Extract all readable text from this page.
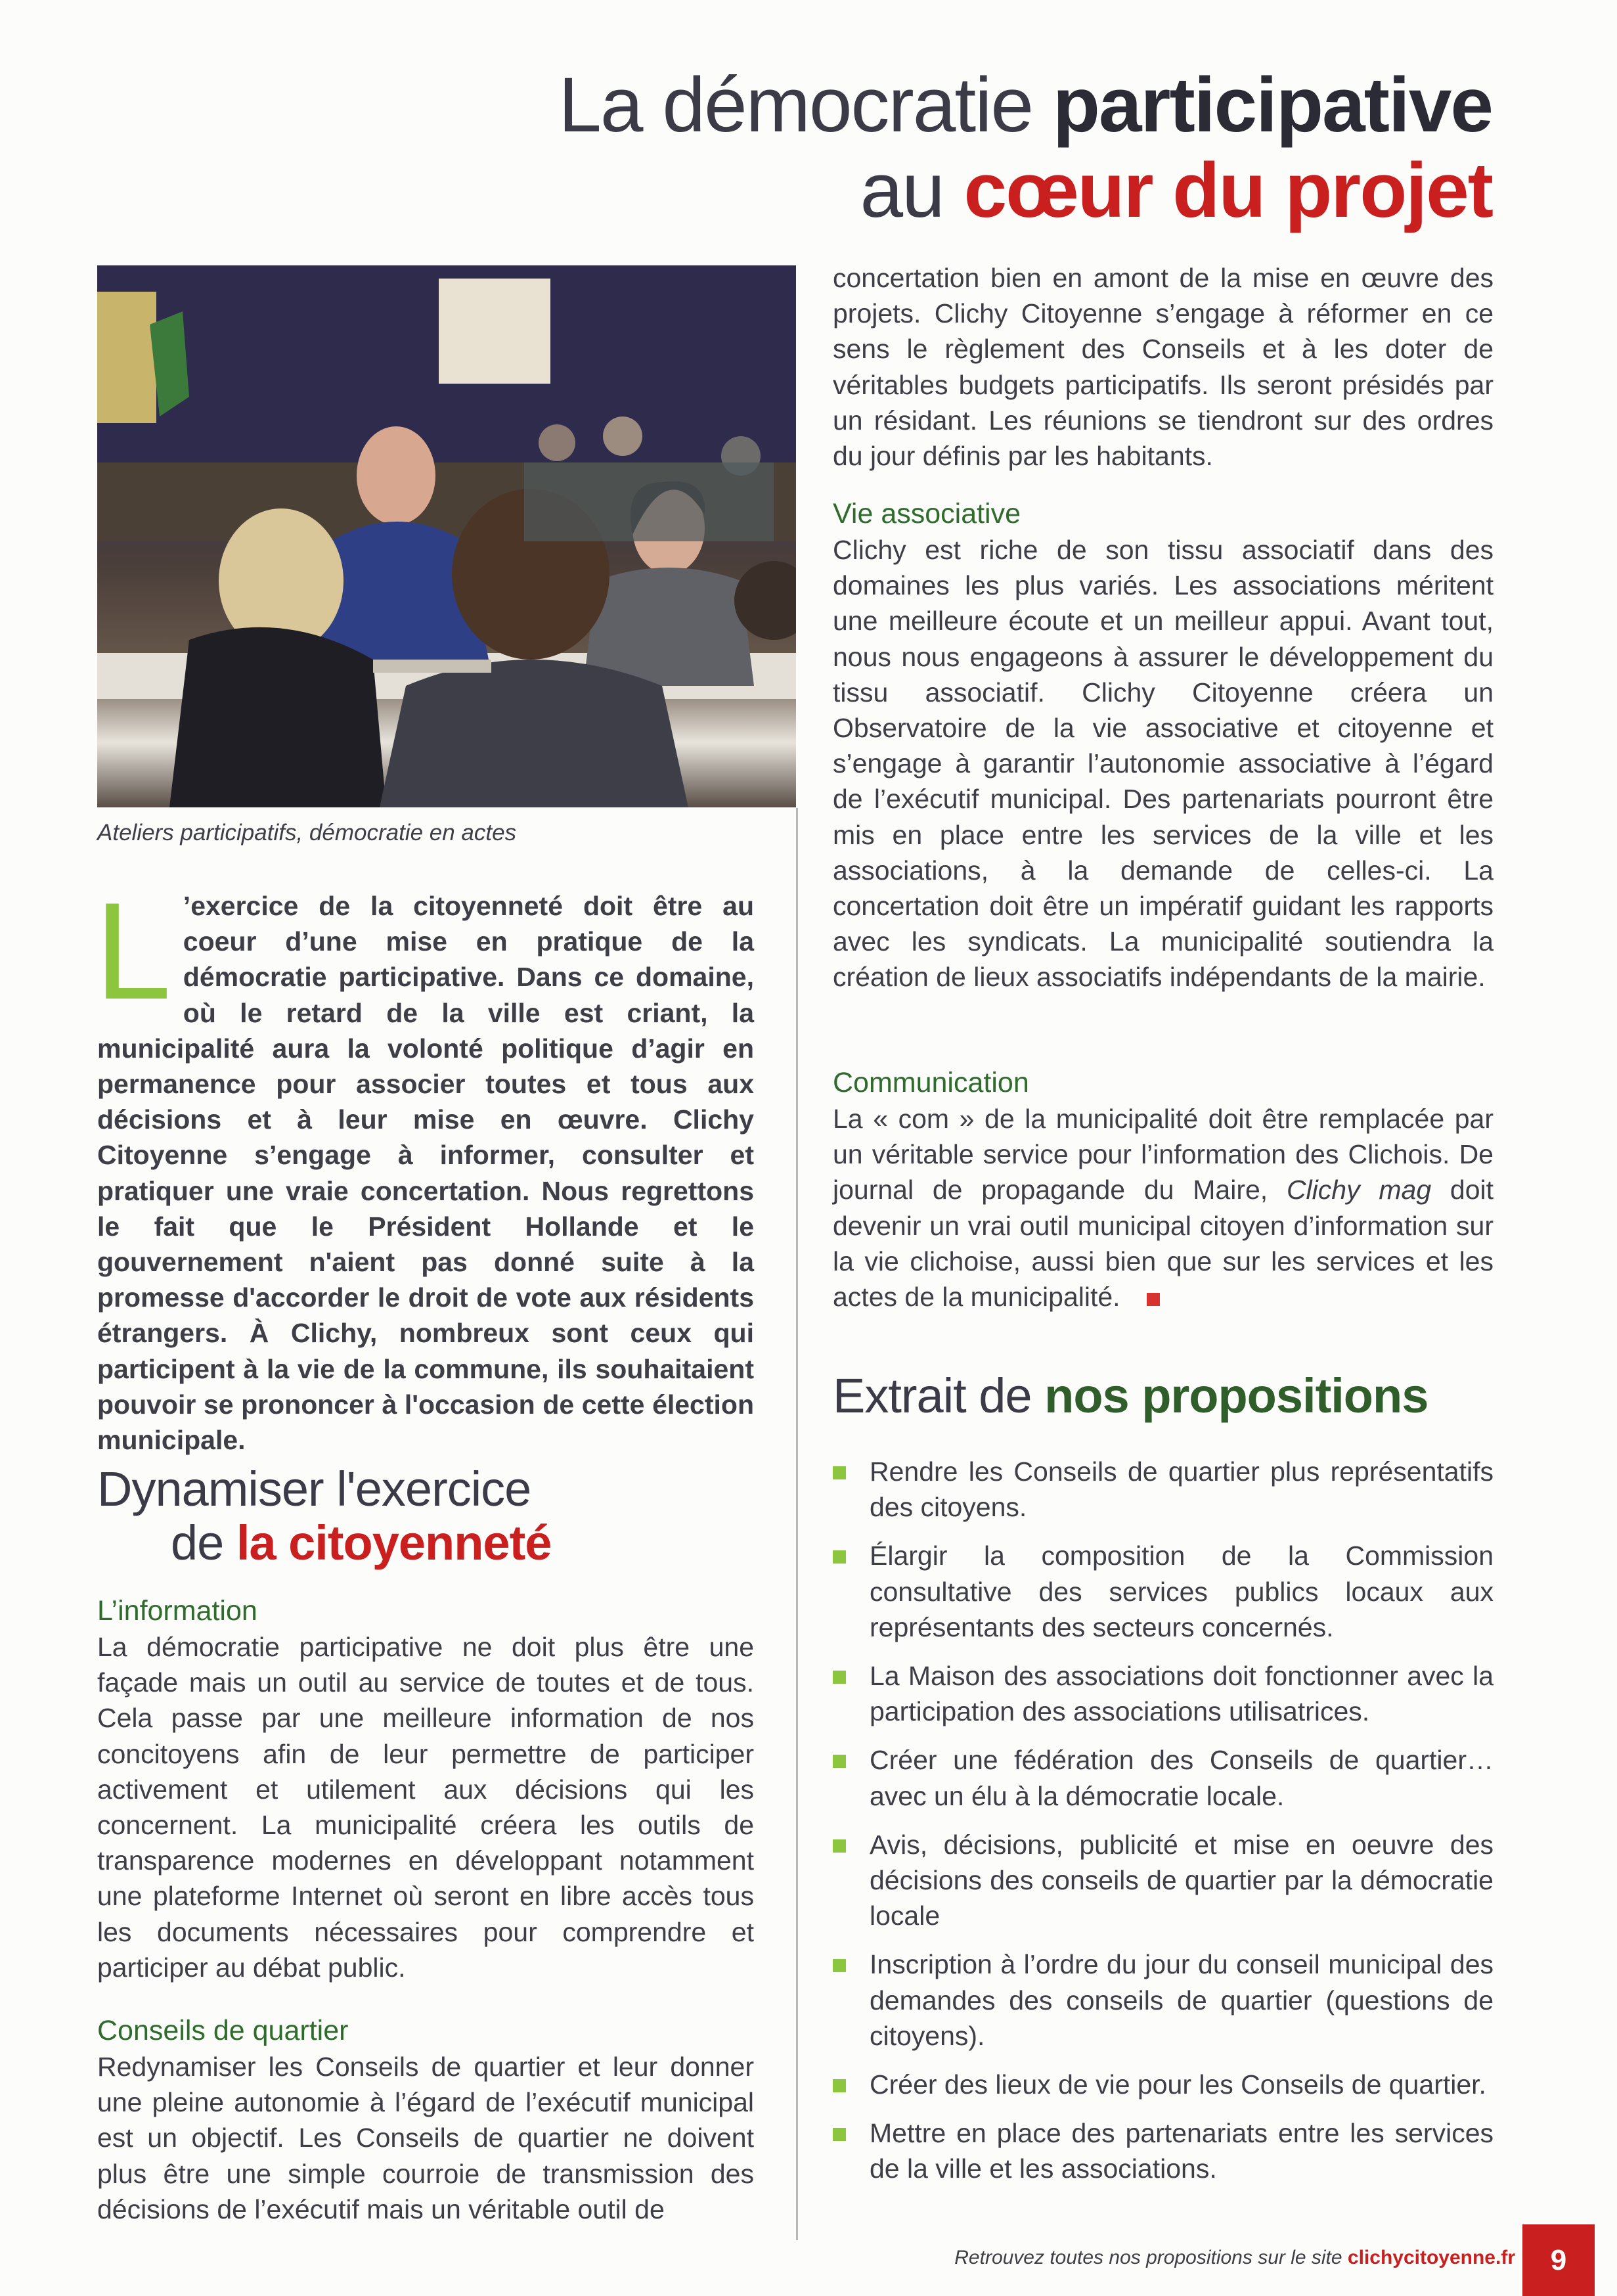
La démocratie participative
au cœur du projet
Ateliers participatifs, démocratie en actes
L ’exercice de la citoyenneté doit être au coeur d’une mise en pratique de la démocratie participative. Dans ce domaine, où le retard de la ville est criant, la municipalité aura la volonté politique d’agir en permanence pour associer toutes et tous aux décisions et à leur mise en œuvre. Clichy Citoyenne s’engage à informer, consulter et pratiquer une vraie concertation. Nous regrettons le fait que le Président Hollande et le gouvernement n'aient pas donné suite à la promesse d'accorder le droit de vote aux résidents étrangers. À Clichy, nombreux sont ceux qui participent à la vie de la commune, ils souhaitaient pouvoir se prononcer à l'occasion de cette élection municipale.

Dynamiser l'exercice
de la citoyenneté

L’information

La démocratie participative ne doit plus être une façade mais un outil au service de toutes et de tous. Cela passe par une meilleure information de nos concitoyens afin de leur permettre de participer activement et utilement aux décisions qui les concernent. La municipalité créera les outils de transparence modernes en développant notamment une plateforme Internet où seront en libre accès tous les documents nécessaires pour comprendre et participer au débat public.

Conseils de quartier

Redynamiser les Conseils de quartier et leur donner une pleine autonomie à l’égard de l’exécutif municipal est un objectif. Les Conseils de quartier ne doivent plus être une simple courroie de transmission des décisions de l’exécutif mais un véritable outil de

concertation bien en amont de la mise en œuvre des projets. Clichy Citoyenne s’engage à réformer en ce sens le règlement des Conseils et à les doter de véritables budgets participatifs. Ils seront présidés par un résidant. Les réunions se tiendront sur des ordres du jour définis par les habitants.

Vie associative

Clichy est riche de son tissu associatif dans des domaines les plus variés. Les associations méritent une meilleure écoute et un meilleur appui. Avant tout, nous nous engageons à assurer le développement du tissu associatif. Clichy Citoyenne créera un Observatoire de la vie associative et citoyenne et s’engage à garantir l’autonomie associative à l’égard de l’exécutif municipal. Des partenariats pourront être mis en place entre les services de la ville et les associations, à la demande de celles-ci. La concertation doit être un impératif guidant les rapports avec les syndicats. La municipalité soutiendra la création de lieux associatifs indépendants de la mairie.

Communication

La « com » de la municipalité doit être remplacée par un véritable service pour l’information des Clichois. De journal de propagande du Maire, Clichy mag doit devenir un vrai outil municipal citoyen d’information sur la vie clichoise, aussi bien que sur les services et les actes de la municipalité.

Extrait de nos propositions
Rendre les Conseils de quartier plus représentatifs des citoyens.
Élargir la composition de la Commission consultative des services publics locaux aux représentants des secteurs concernés.
La Maison des associations doit fonctionner avec la participation des associations utilisatrices.
Créer une fédération des Conseils de quartier… avec un élu à la démocratie locale.
Avis, décisions, publicité et mise en oeuvre des décisions des conseils de quartier par la démocratie locale
Inscription à l’ordre du jour du conseil municipal des demandes des conseils de quartier (questions de citoyens).
Créer des lieux de vie pour les Conseils de quartier.
Mettre en place des partenariats entre les services de la ville et les associations.
Retrouvez toutes nos propositions sur le site clichycitoyenne.fr	9
